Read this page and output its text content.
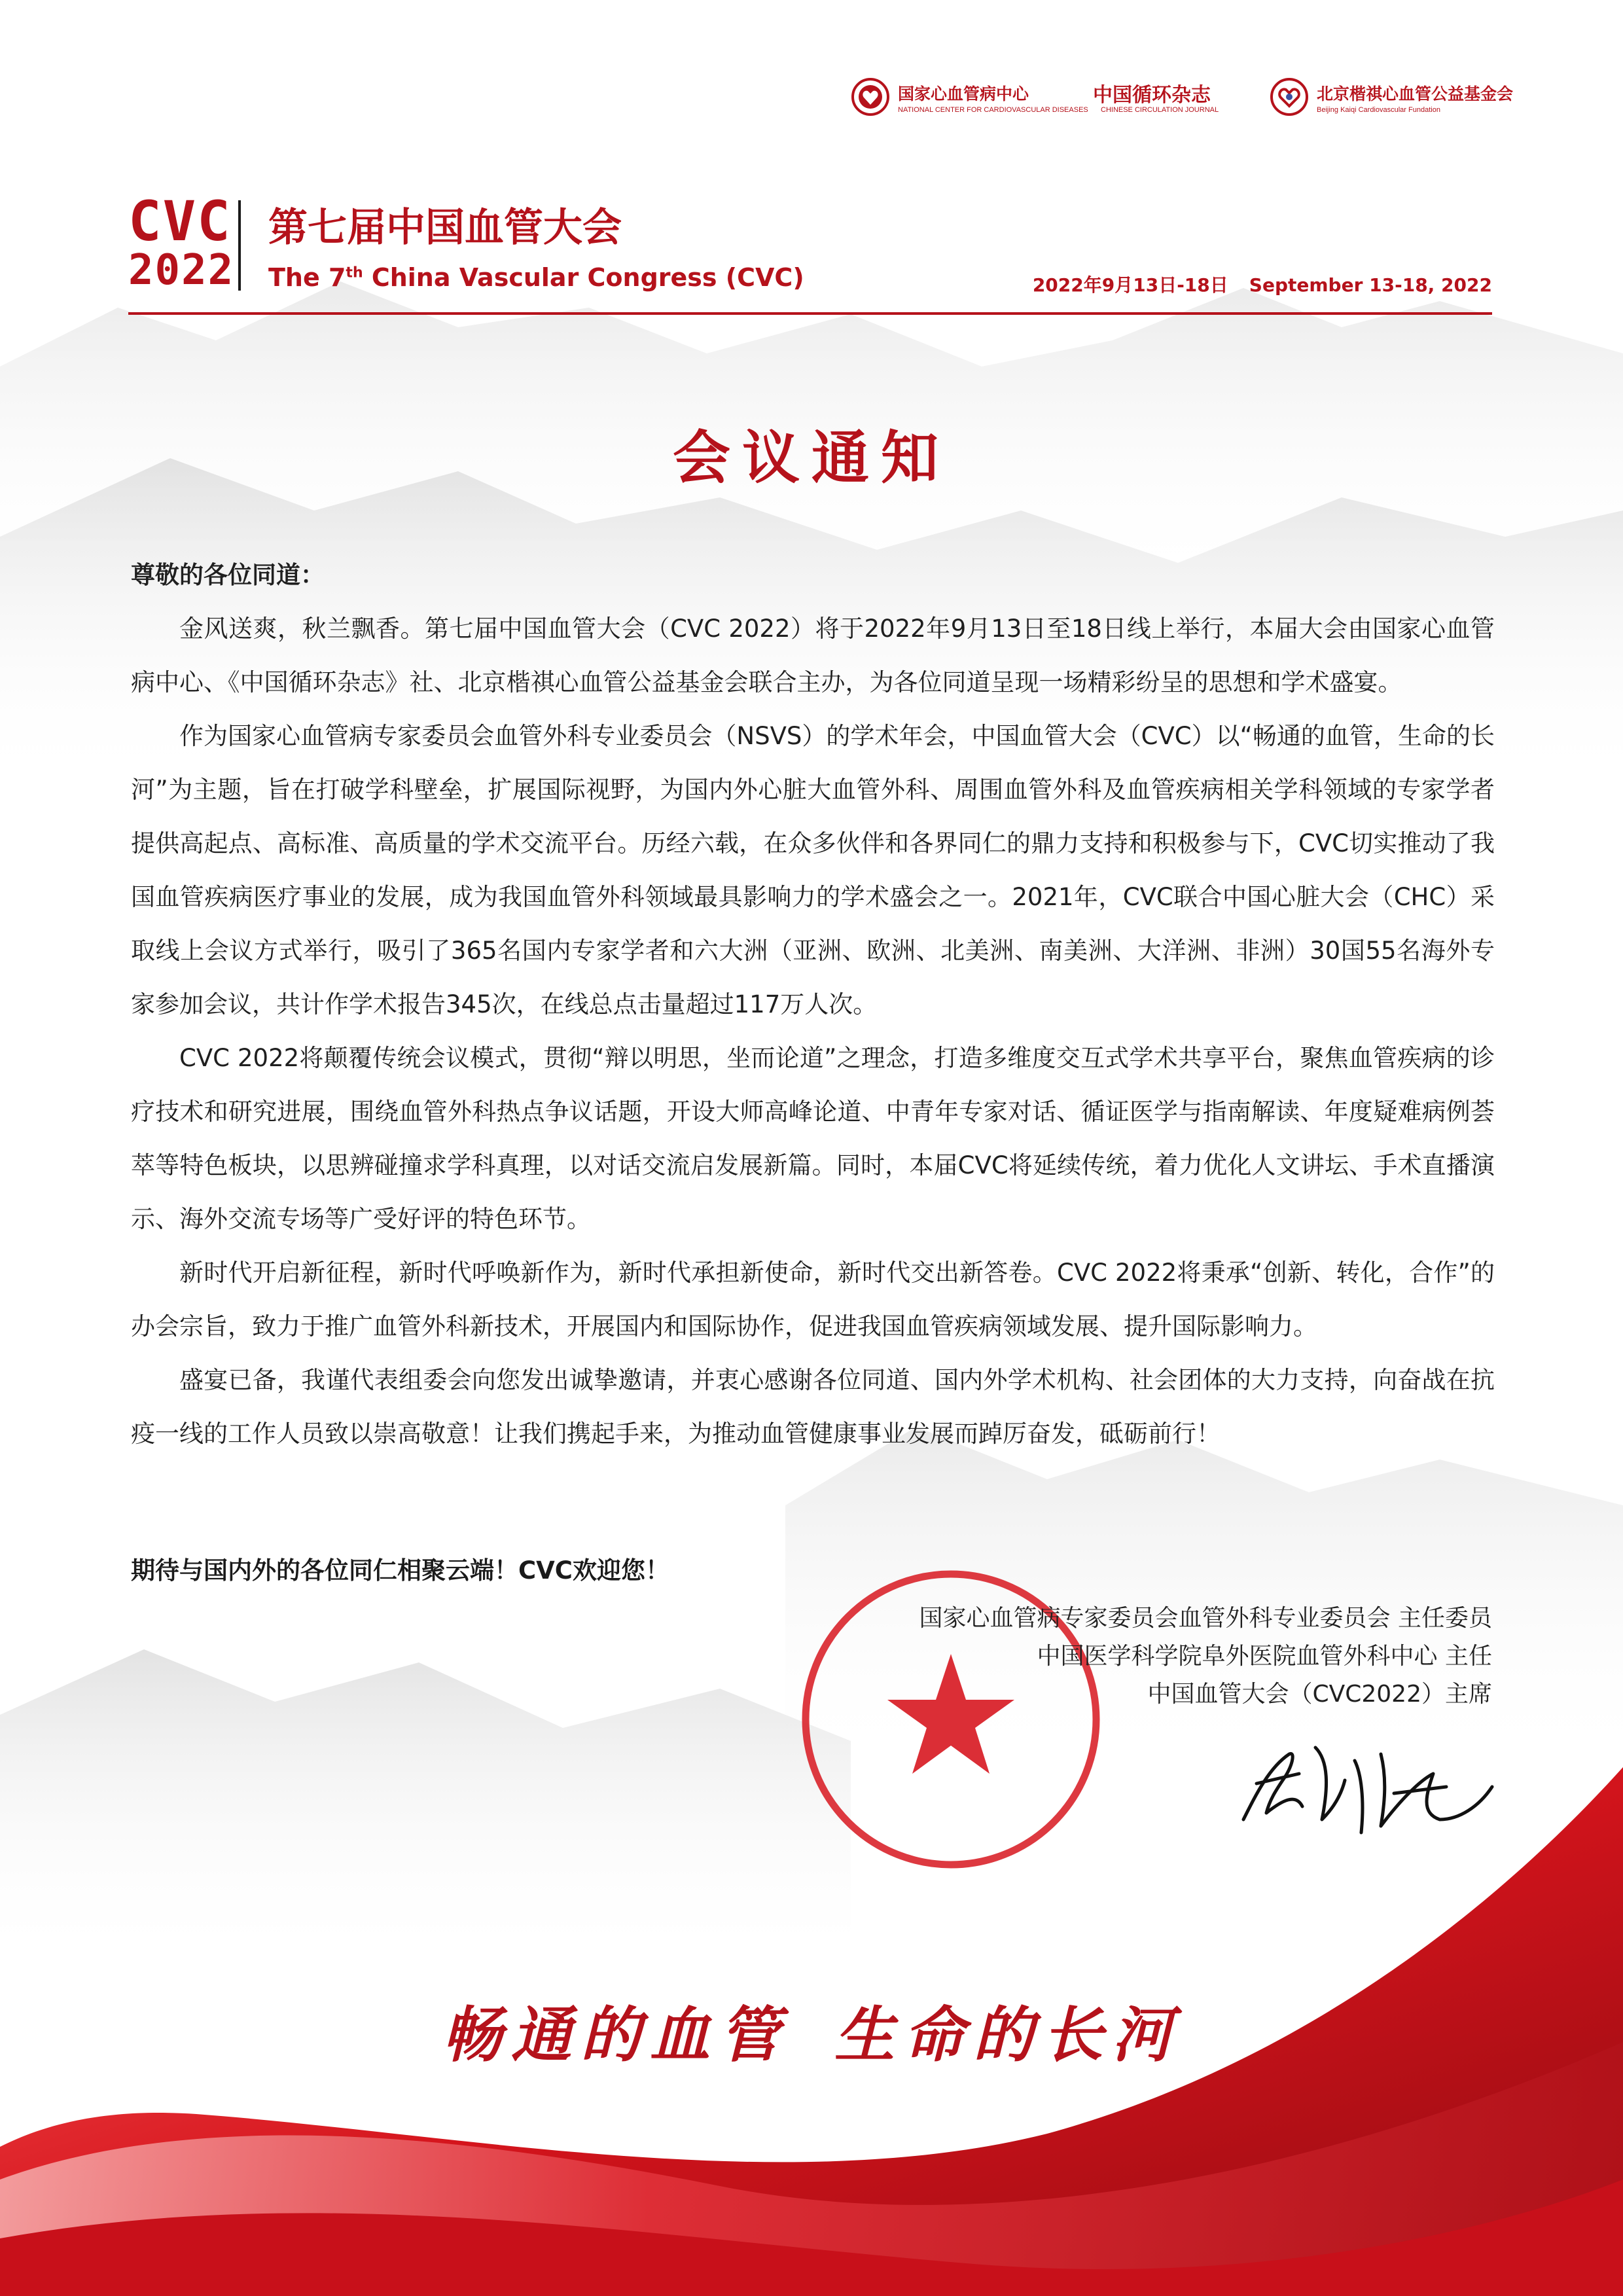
国家心血管病中心
NATIONAL CENTER FOR CARDIOVASCULAR DISEASES
中国循环杂志
CHINESE CIRCULATION JOURNAL
北京楷祺心血管公益基金会
Beijing Kaiqi Cardiovascular Fundation
CVC
2022
第七届中国血管大会
The 7th China Vascular Congress (CVC)	2022年9月13日-18日 September 13-18, 2022
会议通知

尊敬的各位同道：

金风送爽，秋兰飘香。第七届中国血管大会（CVC 2022）将于2022年9月13日至18日线上举行，本届大会由国家心血管病中心、《中国循环杂志》社、北京楷祺心血管公益基金会联合主办，为各位同道呈现一场精彩纷呈的思想和学术盛宴。

作为国家心血管病专家委员会血管外科专业委员会（NSVS）的学术年会，中国血管大会（CVC）以“畅通的血管，生命的长河”为主题，旨在打破学科壁垒，扩展国际视野，为国内外心脏大血管外科、周围血管外科及血管疾病相关学科领域的专家学者提供高起点、高标准、高质量的学术交流平台。历经六载，在众多伙伴和各界同仁的鼎力支持和积极参与下，CVC切实推动了我国血管疾病医疗事业的发展，成为我国血管外科领域最具影响力的学术盛会之一。2021年，CVC联合中国心脏大会（CHC）采取线上会议方式举行，吸引了365名国内专家学者和六大洲（亚洲、欧洲、北美洲、南美洲、大洋洲、非洲）30国55名海外专家参加会议，共计作学术报告345次，在线总点击量超过117万人次。

CVC 2022将颠覆传统会议模式，贯彻“辩以明思，坐而论道”之理念，打造多维度交互式学术共享平台，聚焦血管疾病的诊疗技术和研究进展，围绕血管外科热点争议话题，开设大师高峰论道、中青年专家对话、循证医学与指南解读、年度疑难病例荟萃等特色板块，以思辨碰撞求学科真理，以对话交流启发展新篇。同时，本届CVC将延续传统，着力优化人文讲坛、手术直播演示、海外交流专场等广受好评的特色环节。

新时代开启新征程，新时代呼唤新作为，新时代承担新使命，新时代交出新答卷。CVC 2022将秉承“创新、转化，合作”的办会宗旨，致力于推广血管外科新技术，开展国内和国际协作，促进我国血管疾病领域发展、提升国际影响力。

盛宴已备，我谨代表组委会向您发出诚挚邀请，并衷心感谢各位同道、国内外学术机构、社会团体的大力支持，向奋战在抗疫一线的工作人员致以崇高敬意！让我们携起手来，为推动血管健康事业发展而踔厉奋发，砥砺前行！

期待与国内外的各位同仁相聚云端！CVC欢迎您！
国家心血管病专家委员会血管外科专业委员会 主任委员
中国医学科学院阜外医院血管外科中心 主任
中国血管大会（CVC2022）主席
畅通的血管 生命的长河
